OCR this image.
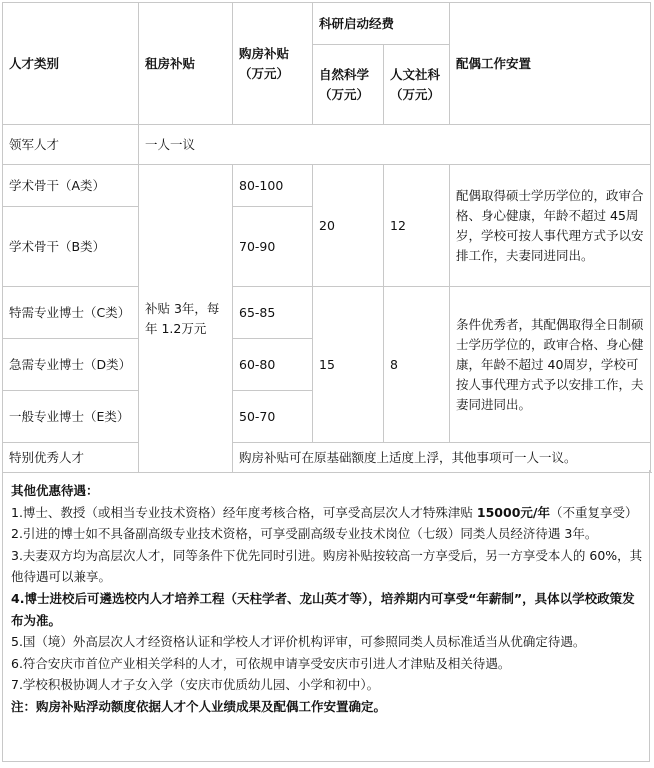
人才类别	租房补贴	购房补贴（万元）	科研启动经费		配偶工作安置
			自然科学（万元）	人文社科（万元）	
领军人才	一人一议				
学术骨干（A类）	补贴 3年，每年 1.2万元	80-100	20	12	配偶取得硕士学历学位的，政审合格、身心健康，年龄不超过 45周岁，学校可按人事代理方式予以安排工作，夫妻同进同出。
学术骨干（B类）		70-90			
特需专业博士（C类）		65-85	15	8	条件优秀者，其配偶取得全日制硕士学历学位的，政审合格、身心健康，年龄不超过 40周岁，学校可按人事代理方式予以安排工作，夫妻同进同出。
急需专业博士（D类）		60-80			
一般专业博士（E类）		50-70			
特别优秀人才		购房补贴可在原基础额度上适度上浮，其他事项可一人一议。			

其他优惠待遇：

1.博士、教授（或相当专业技术资格）经年度考核合格，可享受高层次人才特殊津贴 15000元/年（不重复享受）

2.引进的博士如不具备副高级专业技术资格，可享受副高级专业技术岗位（七级）同类人员经济待遇 3年。

3.夫妻双方均为高层次人才，同等条件下优先同时引进。购房补贴按较高一方享受后，另一方享受本人的 60%，其他待遇可以兼享。

4.博士进校后可遴选校内人才培养工程（天柱学者、龙山英才等），培养期内可享受“年薪制”，具体以学校政策发布为准。

5.国（境）外高层次人才经资格认证和学校人才评价机构评审，可参照同类人员标准适当从优确定待遇。

6.符合安庆市首位产业相关学科的人才，可依规申请享受安庆市引进人才津贴及相关待遇。

7.学校积极协调人才子女入学（安庆市优质幼儿园、小学和初中）。

注：购房补贴浮动额度依据人才个人业绩成果及配偶工作安置确定。
